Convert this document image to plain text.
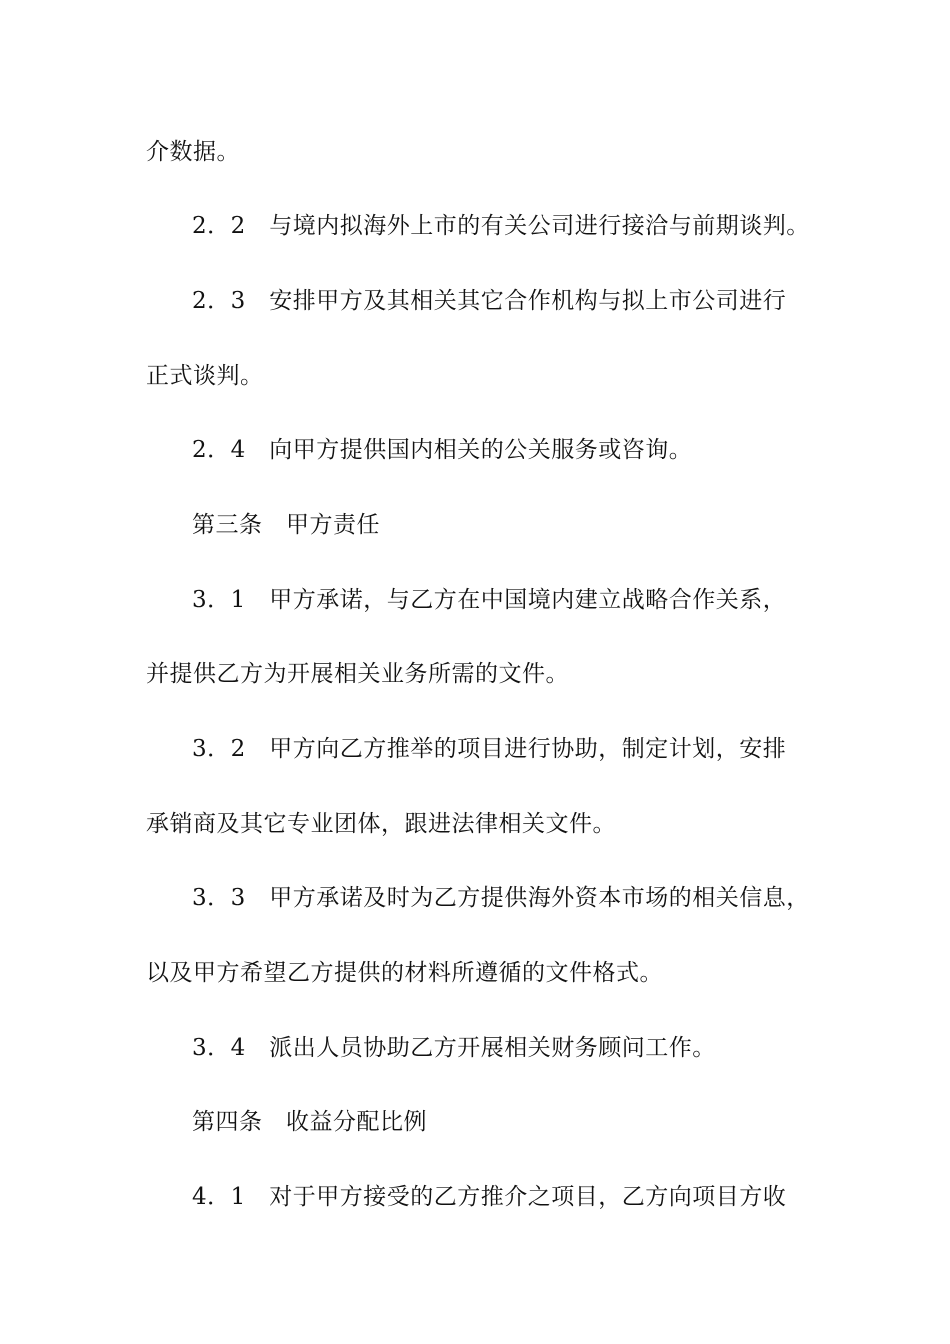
介数据。
2．2　与境内拟海外上市的有关公司进行接洽与前期谈判。
2．3　安排甲方及其相关其它合作机构与拟上市公司进行
正式谈判。
2．4　向甲方提供国内相关的公关服务或咨询。
第三条　甲方责任
3．1　甲方承诺，与乙方在中国境内建立战略合作关系，
并提供乙方为开展相关业务所需的文件。
3．2　甲方向乙方推举的项目进行协助，制定计划，安排
承销商及其它专业团体，跟进法律相关文件。
3．3　甲方承诺及时为乙方提供海外资本市场的相关信息，
以及甲方希望乙方提供的材料所遵循的文件格式。
3．4　派出人员协助乙方开展相关财务顾问工作。
第四条　收益分配比例
4．1　对于甲方接受的乙方推介之项目，乙方向项目方收
